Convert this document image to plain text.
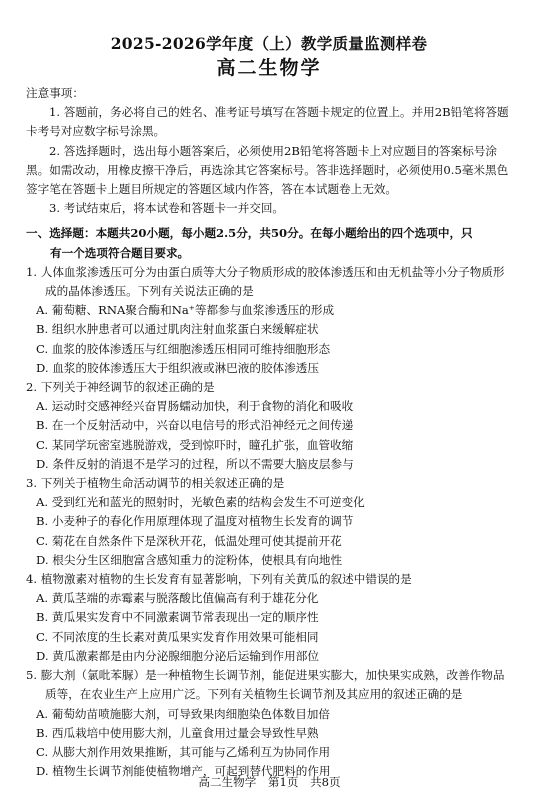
2025-2026学年度（上）教学质量监测样卷
高二生物学
注意事项：
1. 答题前，务必将自己的姓名、准考证号填写在答题卡规定的位置上。并用2B铅笔将答题卡考号对应数字标号涂黑。
2. 答选择题时，选出每小题答案后，必须使用2B铅笔将答题卡上对应题目的答案标号涂黑。如需改动，用橡皮擦干净后，再选涂其它答案标号。答非选择题时，必须使用0.5毫米黑色签字笔在答题卡上题目所规定的答题区域内作答，答在本试题卷上无效。
3. 考试结束后，将本试卷和答题卡一并交回。
一、选择题：本题共20小题，每小题2.5分，共50分。在每小题给出的四个选项中，只
有一个选项符合题目要求。
1. 人体血浆渗透压可分为由蛋白质等大分子物质形成的胶体渗透压和由无机盐等小分子物质形成的晶体渗透压。下列有关说法正确的是
A. 葡萄糖、RNA聚合酶和Na⁺等都参与血浆渗透压的形成
B. 组织水肿患者可以通过肌肉注射血浆蛋白来缓解症状
C. 血浆的胶体渗透压与红细胞渗透压相同可维持细胞形态
D. 血浆的胶体渗透压大于组织液或淋巴液的胶体渗透压
2. 下列关于神经调节的叙述正确的是
A. 运动时交感神经兴奋胃肠蠕动加快，利于食物的消化和吸收
B. 在一个反射活动中，兴奋以电信号的形式沿神经元之间传递
C. 某同学玩密室逃脱游戏，受到惊吓时，瞳孔扩张，血管收缩
D. 条件反射的消退不是学习的过程，所以不需要大脑皮层参与
3. 下列关于植物生命活动调节的相关叙述正确的是
A. 受到红光和蓝光的照射时，光敏色素的结构会发生不可逆变化
B. 小麦种子的春化作用原理体现了温度对植物生长发育的调节
C. 菊花在自然条件下是深秋开花，低温处理可使其提前开花
D. 根尖分生区细胞富含感知重力的淀粉体，使根具有向地性
4. 植物激素对植物的生长发育有显著影响，下列有关黄瓜的叙述中错误的是
A. 黄瓜茎端的赤霉素与脱落酸比值偏高有利于雄花分化
B. 黄瓜果实发育中不同激素调节常表现出一定的顺序性
C. 不同浓度的生长素对黄瓜果实发育作用效果可能相同
D. 黄瓜激素都是由内分泌腺细胞分泌后运输到作用部位
5. 膨大剂（氯吡苯脲）是一种植物生长调节剂，能促进果实膨大，加快果实成熟，改善作物品质等，在农业生产上应用广泛。下列有关植物生长调节剂及其应用的叙述正确的是
A. 葡萄幼苗喷施膨大剂，可导致果肉细胞染色体数目加倍
B. 西瓜栽培中使用膨大剂，儿童食用过量会导致性早熟
C. 从膨大剂作用效果推断，其可能与乙烯利互为协同作用
D. 植物生长调节剂能使植物增产，可起到替代肥料的作用
高二生物学　第1页　共8页
